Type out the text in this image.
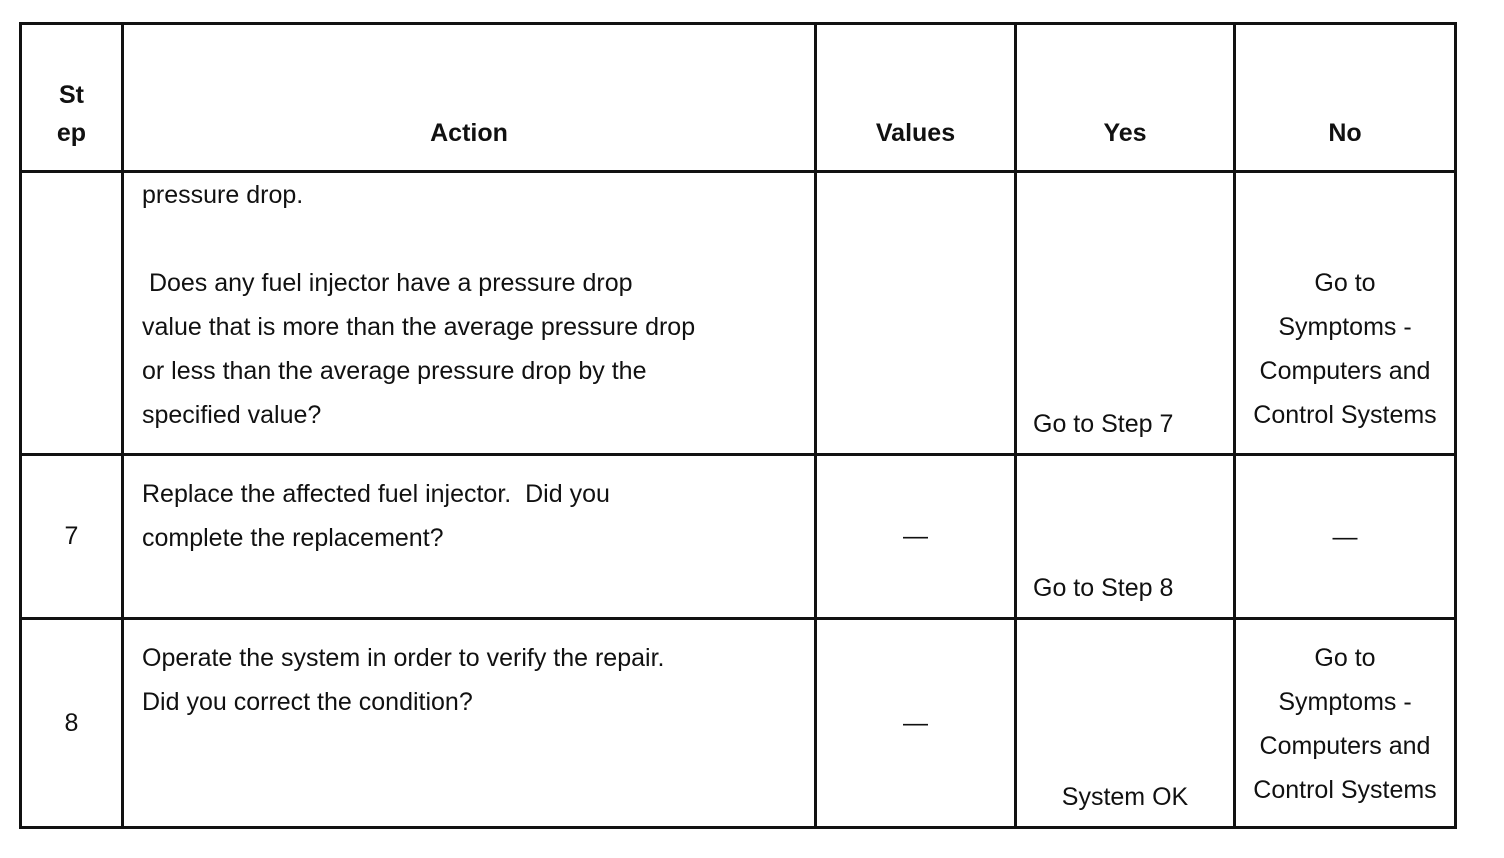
St
ep	Action	Values	Yes	No

	pressure drop.
Does any fuel injector have a pressure drop
value that is more than the average pressure drop
or less than the average pressure drop by the
specified value?		Go to Step 7	Go to
Symptoms -
Computers and
Control Systems

7	Replace the affected fuel injector.  Did you
complete the replacement?	—	Go to Step 8	—
8	Operate the system in order to verify the repair.
Did you correct the condition?	—	System OK	Go to
Symptoms -
Computers and
Control Systems
